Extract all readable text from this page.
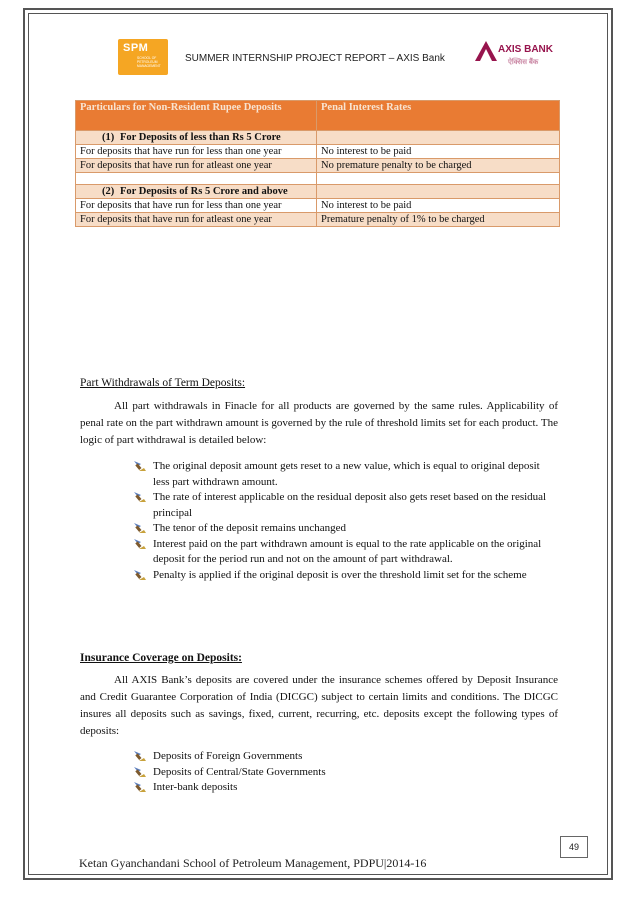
SPM
SCHOOL OF
PETROLEUM
MANAGEMENT
SUMMER INTERNSHIP PROJECT REPORT – AXIS Bank
AXIS BANK
ऐक्सिस बैंक
Particulars for Non-Resident Rupee Deposits	Penal Interest Rates

(1) For Deposits of less than Rs 5 Crore	

For deposits that have run for less than one year	No interest to be paid
For deposits that have run for atleast one year	No premature penalty to be charged

(2) For Deposits of Rs 5 Crore and above	

For deposits that have run for less than one year	No interest to be paid
For deposits that have run for atleast one year	Premature penalty of 1% to be charged
Part Withdrawals of Term Deposits:

All part withdrawals in Finacle for all products are governed by the same rules. Applicability of penal rate on the part withdrawn amount is governed by the rule of threshold limits set for each product. The logic of part withdrawal is detailed below:

The original deposit amount gets reset to a new value, which is equal to original deposit less part withdrawn amount.
The rate of interest applicable on the residual deposit also gets reset based on the residual principal
The tenor of the deposit remains unchanged
Interest paid on the part withdrawn amount is equal to the rate applicable on the original deposit for the period run and not on the amount of part withdrawal.
Penalty is applied if the original deposit is over the threshold limit set for the scheme
Insurance Coverage on Deposits:

All AXIS Bank’s deposits are covered under the insurance schemes offered by Deposit Insurance and Credit Guarantee Corporation of India (DICGC) subject to certain limits and conditions. The DICGC insures all deposits such as savings, fixed, current, recurring, etc. deposits except the following types of deposits:

Deposits of Foreign Governments
Deposits of Central/State Governments
Inter-bank deposits
Ketan Gyanchandani School of Petroleum Management, PDPU|2014-16
49
